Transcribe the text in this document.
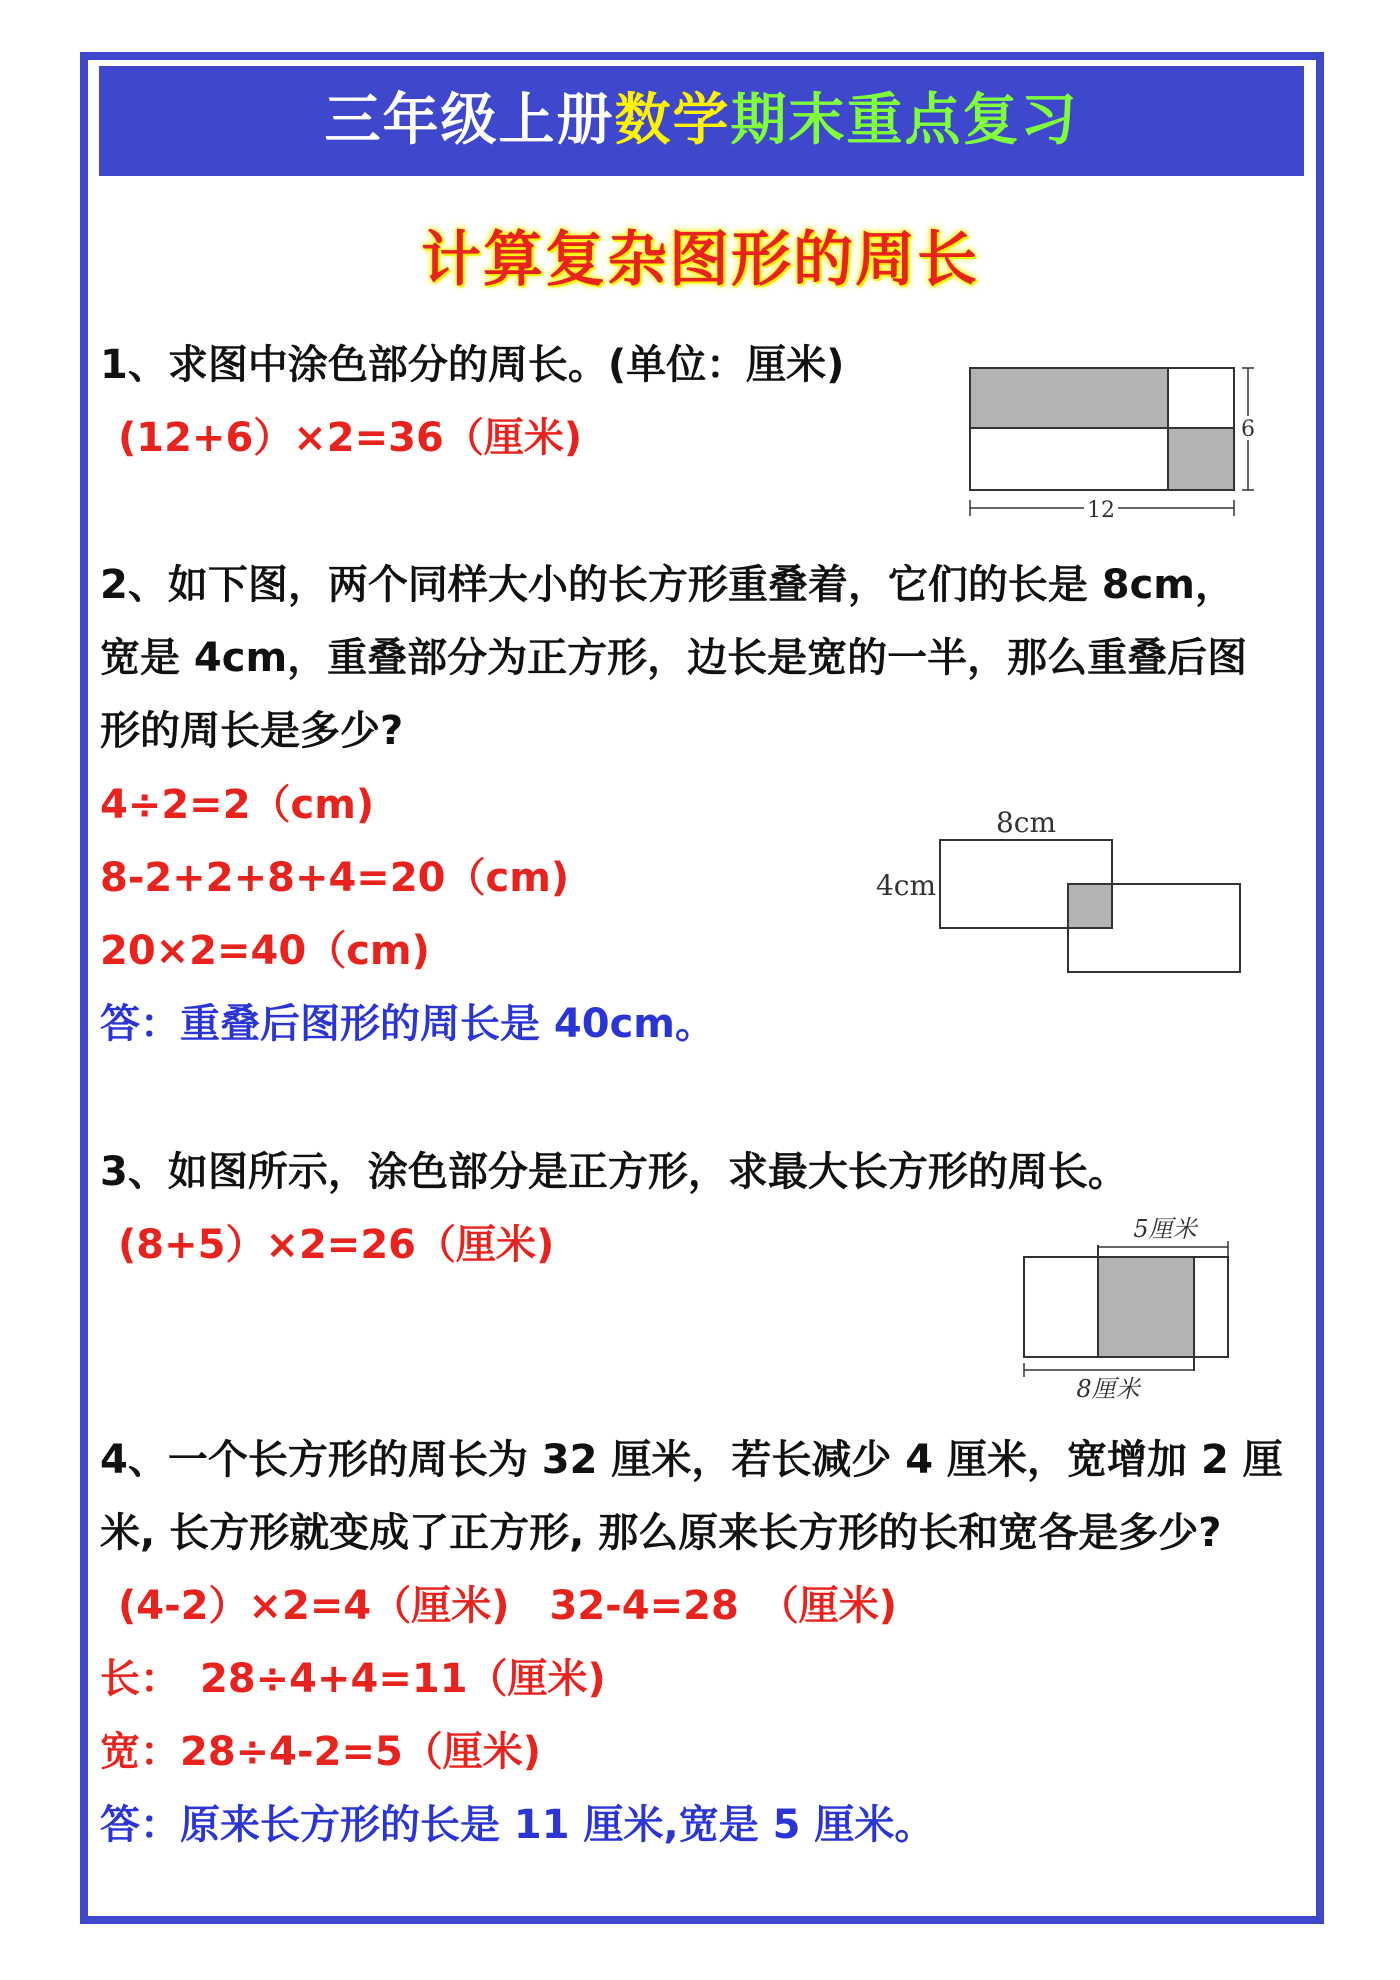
三年级上册数学期末重点复习
计算复杂图形的周长
1、求图中涂色部分的周长。(单位：厘米)
(12+6）×2=36（厘米)	6
12
2、如下图，两个同样大小的长方形重叠着，它们的长是 8cm，
宽是 4cm，重叠部分为正方形，边长是宽的一半，那么重叠后图
形的周长是多少?
4÷2=2（cm)
8-2+2+8+4=20（cm)
20×2=40（cm)
答：重叠后图形的周长是 40cm。
8cm
4cm
3、如图所示，涂色部分是正方形，求最大长方形的周长。
(8+5）×2=26（厘米)	5厘米
8厘米
4、一个长方形的周长为 32 厘米，若长减少 4 厘米，宽增加 2 厘
米, 长方形就变成了正方形, 那么原来长方形的长和宽各是多少?
(4-2）×2=4（厘米)　32-4=28　（厘米)
长：　28÷4+4=11（厘米)
宽：28÷4-2=5（厘米)
答：原来长方形的长是 11 厘米,宽是 5 厘米。
